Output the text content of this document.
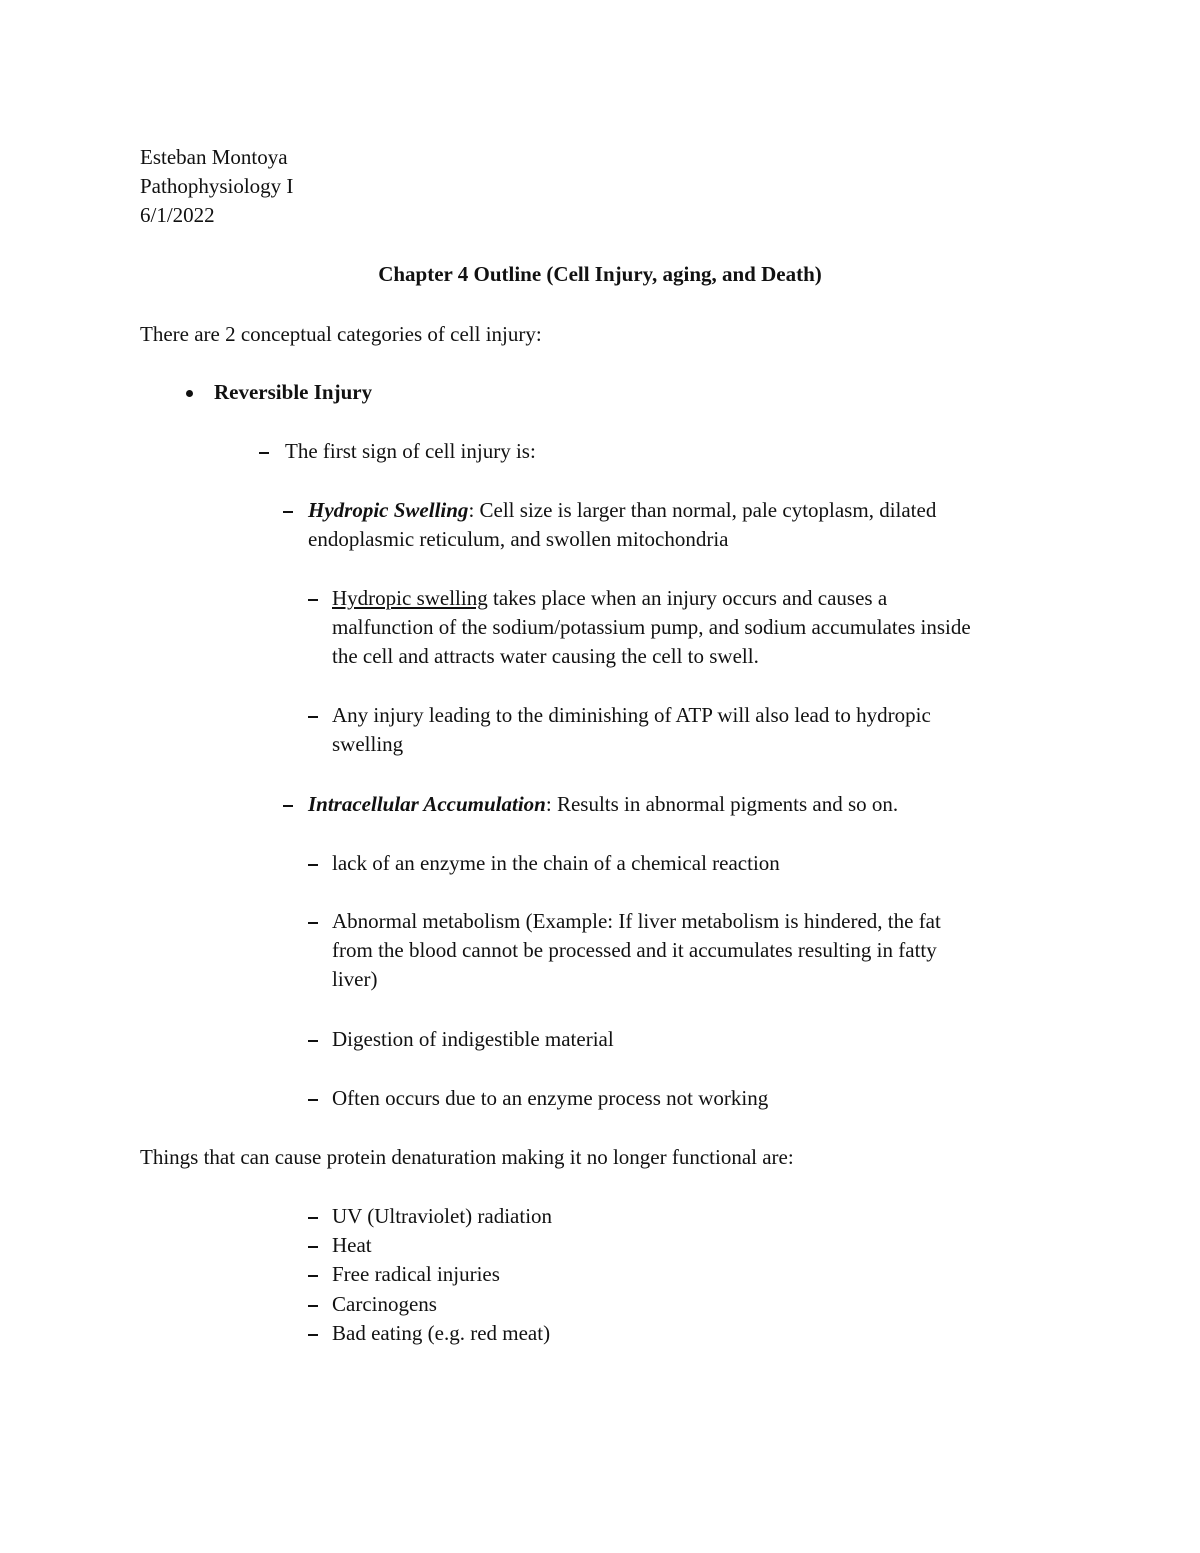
Esteban Montoya
Pathophysiology I
6/1/2022
Chapter 4 Outline (Cell Injury, aging, and Death)
There are 2 conceptual categories of cell injury:
Reversible Injury
The first sign of cell injury is:
Hydropic Swelling: Cell size is larger than normal, pale cytoplasm, dilated
endoplasmic reticulum, and swollen mitochondria
Hydropic swelling takes place when an injury occurs and causes a
malfunction of the sodium/potassium pump, and sodium accumulates inside
the cell and attracts water causing the cell to swell.
Any injury leading to the diminishing of ATP will also lead to hydropic
swelling
Intracellular Accumulation: Results in abnormal pigments and so on.
lack of an enzyme in the chain of a chemical reaction
Abnormal metabolism (Example: If liver metabolism is hindered, the fat
from the blood cannot be processed and it accumulates resulting in fatty
liver)
Digestion of indigestible material
Often occurs due to an enzyme process not working
Things that can cause protein denaturation making it no longer functional are:
UV (Ultraviolet) radiation
Heat
Free radical injuries
Carcinogens
Bad eating (e.g. red meat)
